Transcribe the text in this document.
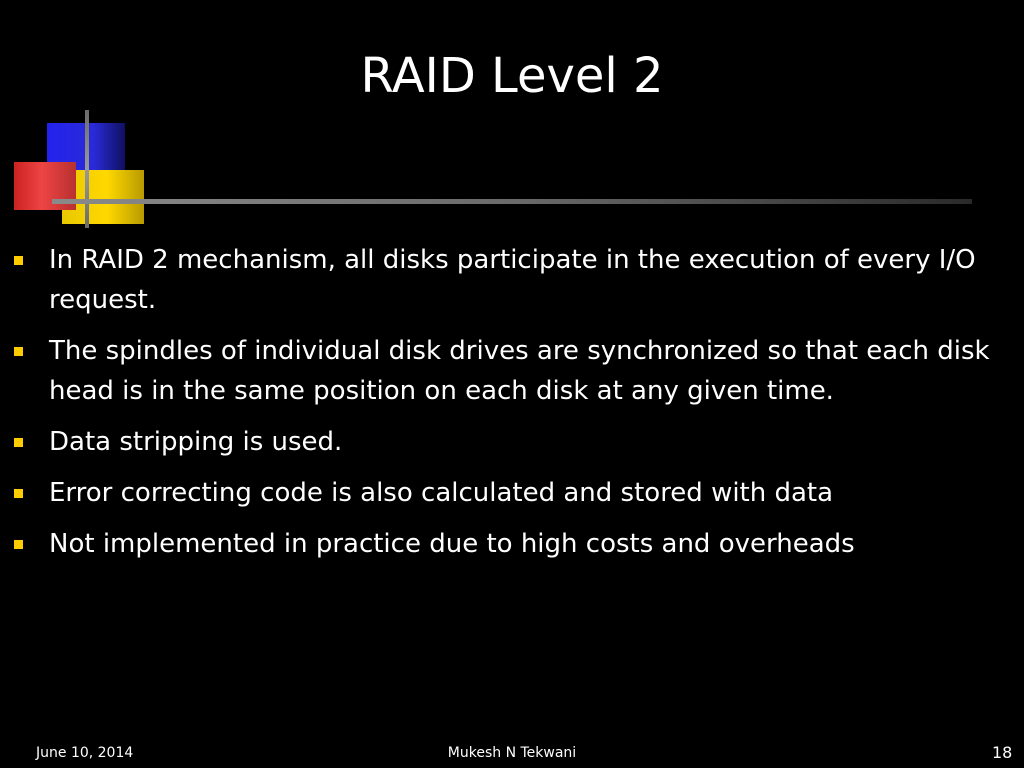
RAID Level 2
In RAID 2 mechanism, all disks participate in the execution of every I/O request.
The spindles of individual disk drives are synchronized so that each disk head is in the same position on each disk at any given time.
Data stripping is used.
Error correcting code is also calculated and stored with data
Not implemented in practice due to high costs and overheads
June 10, 2014	Mukesh N Tekwani	18
